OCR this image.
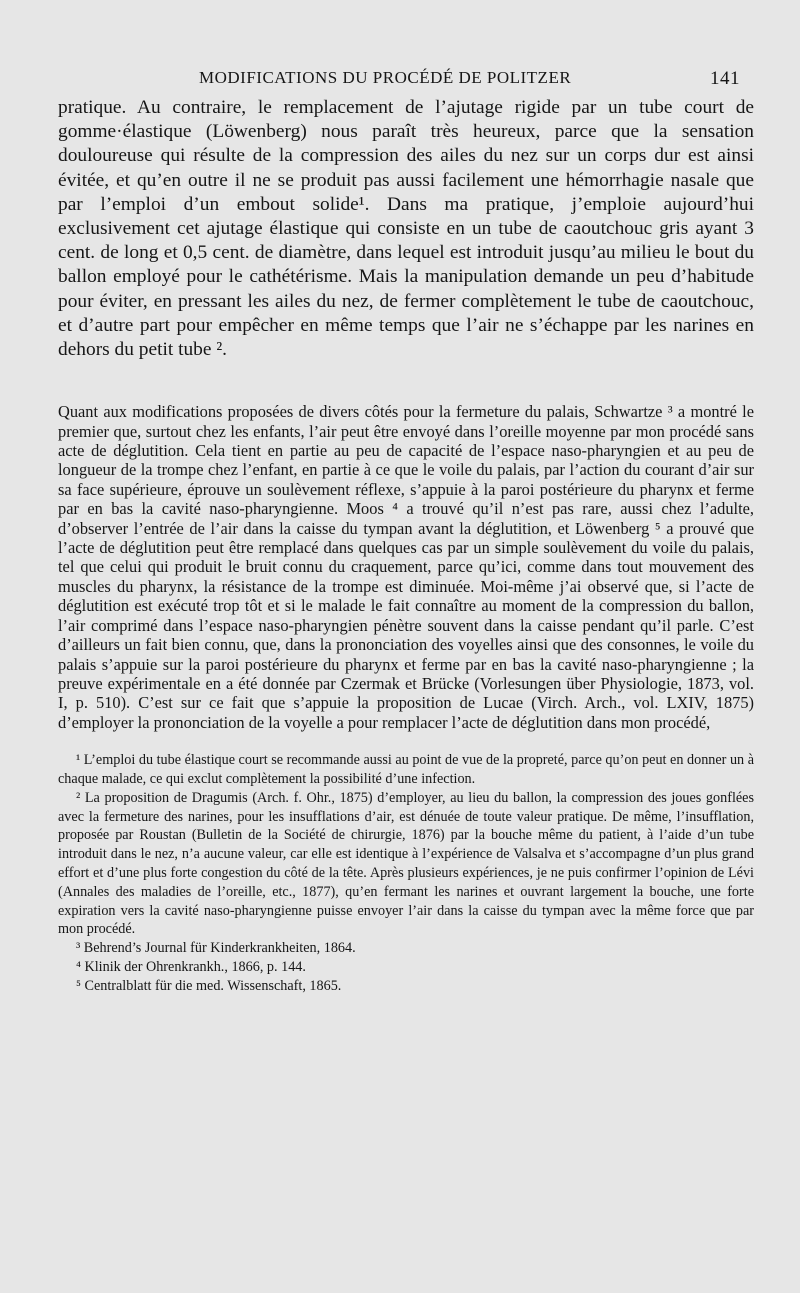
MODIFICATIONS DU PROCÉDÉ DE POLITZER	141

pratique. Au contraire, le remplacement de l’ajutage rigide par un tube court de gomme·élastique (Löwenberg) nous paraît très heureux, parce que la sensation douloureuse qui résulte de la compression des ailes du nez sur un corps dur est ainsi évitée, et qu’en outre il ne se produit pas aussi facilement une hémorrhagie nasale que par l’emploi d’un embout solide¹. Dans ma pratique, j’emploie aujourd’hui exclusivement cet ajutage élastique qui consiste en un tube de caoutchouc gris ayant 3 cent. de long et 0,5 cent. de diamètre, dans lequel est introduit jusqu’au milieu le bout du ballon employé pour le cathétérisme. Mais la manipulation demande un peu d’habitude pour éviter, en pressant les ailes du nez, de fermer complètement le tube de caoutchouc, et d’autre part pour empêcher en même temps que l’air ne s’échappe par les narines en dehors du petit tube ².

Quant aux modifications proposées de divers côtés pour la fermeture du palais, Schwartze ³ a montré le premier que, surtout chez les enfants, l’air peut être envoyé dans l’oreille moyenne par mon procédé sans acte de déglutition. Cela tient en partie au peu de capacité de l’espace naso-pharyngien et au peu de longueur de la trompe chez l’enfant, en partie à ce que le voile du palais, par l’action du courant d’air sur sa face supérieure, éprouve un soulèvement réflexe, s’appuie à la paroi postérieure du pharynx et ferme par en bas la cavité naso-pharyngienne. Moos ⁴ a trouvé qu’il n’est pas rare, aussi chez l’adulte, d’observer l’entrée de l’air dans la caisse du tympan avant la déglutition, et Löwenberg ⁵ a prouvé que l’acte de déglutition peut être remplacé dans quelques cas par un simple soulèvement du voile du palais, tel que celui qui produit le bruit connu du craquement, parce qu’ici, comme dans tout mouvement des muscles du pharynx, la résistance de la trompe est diminuée. Moi-même j’ai observé que, si l’acte de déglutition est exécuté trop tôt et si le malade le fait connaître au moment de la compression du ballon, l’air comprimé dans l’espace naso-pharyngien pénètre souvent dans la caisse pendant qu’il parle. C’est d’ailleurs un fait bien connu, que, dans la prononciation des voyelles ainsi que des consonnes, le voile du palais s’appuie sur la paroi postérieure du pharynx et ferme par en bas la cavité naso-pharyngienne ; la preuve expérimentale en a été donnée par Czermak et Brücke (Vorlesungen über Physiologie, 1873, vol. I, p. 510). C’est sur ce fait que s’appuie la proposition de Lucae (Virch. Arch., vol. LXIV, 1875) d’employer la prononciation de la voyelle a pour remplacer l’acte de déglutition dans mon procédé,

¹ L’emploi du tube élastique court se recommande aussi au point de vue de la propreté, parce qu’on peut en donner un à chaque malade, ce qui exclut complètement la possibilité d’une infection.

² La proposition de Dragumis (Arch. f. Ohr., 1875) d’employer, au lieu du ballon, la compression des joues gonflées avec la fermeture des narines, pour les insufflations d’air, est dénuée de toute valeur pratique. De même, l’insufflation, proposée par Roustan (Bulletin de la Société de chirurgie, 1876) par la bouche même du patient, à l’aide d’un tube introduit dans le nez, n’a aucune valeur, car elle est identique à l’expérience de Valsalva et s’accompagne d’un plus grand effort et d’une plus forte congestion du côté de la tête. Après plusieurs expériences, je ne puis confirmer l’opinion de Lévi (Annales des maladies de l’oreille, etc., 1877), qu’en fermant les narines et ouvrant largement la bouche, une forte expiration vers la cavité naso-pharyngienne puisse envoyer l’air dans la caisse du tympan avec la même force que par mon procédé.

³ Behrend’s Journal für Kinderkrankheiten, 1864.

⁴ Klinik der Ohrenkrankh., 1866, p. 144.

⁵ Centralblatt für die med. Wissenschaft, 1865.
